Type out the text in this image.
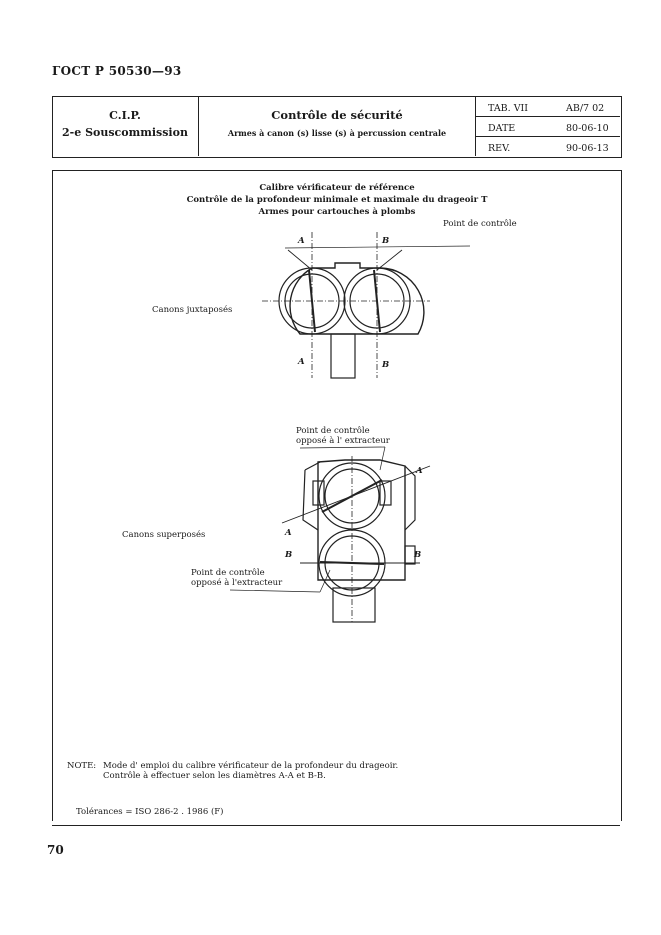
ГОСТ Р 50530—93
C.I.P.
2-e Souscommission
Contrôle de sécurité
Armes à canon (s) lisse (s) à percussion centrale
TAB. VII	AB/7 02
DATE	80-06-10
REV.	90-06-13
Calibre vérificateur de référence
Contrôle de la profondeur minimale et maximale du drageoir T
Armes pour cartouches à plombs
Point de contrôle
Canons juxtaposés
Canons superposés
Point de contrôle
opposé à l' extracteur
Point de contrôle
opposé à l'extracteur
A	B
A	B
A
A
B	B
NOTE: Mode d' emploi du calibre vérificateur de la profondeur du drageoir.
Contrôle à effectuer selon les diamètres A-A et B-B.
Tolérances = ISO 286-2 . 1986 (F)
70
